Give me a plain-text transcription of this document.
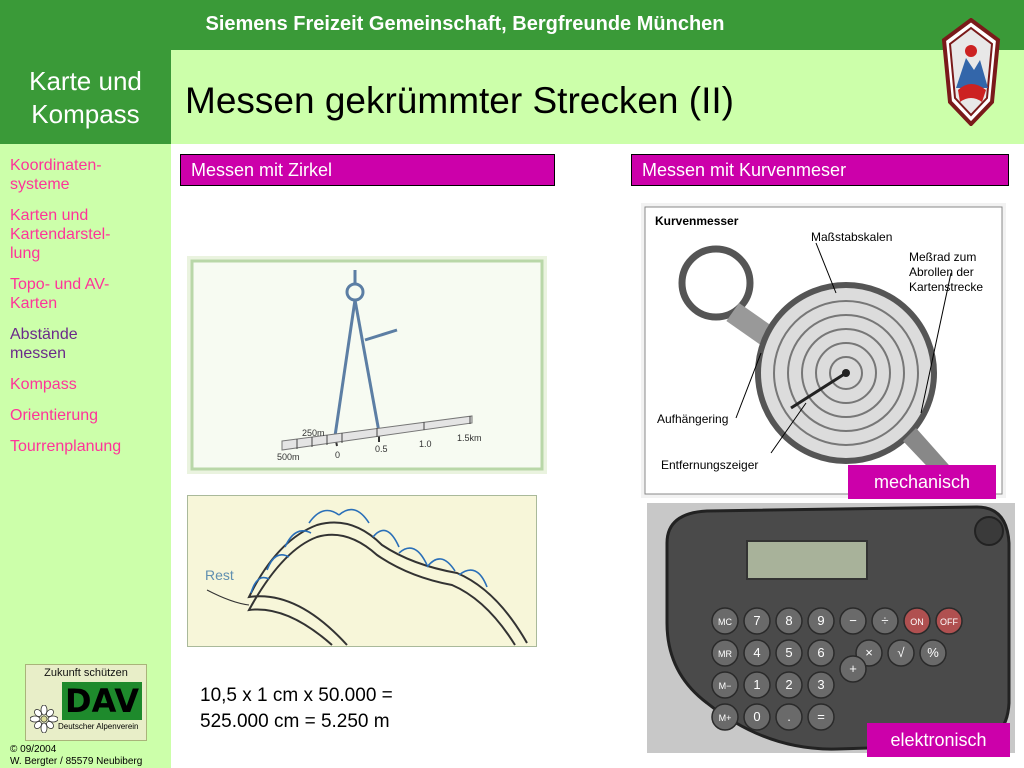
Siemens Freizeit Gemeinschaft, Bergfreunde München
Karte und Kompass	Messen gekrümmter Strecken (II)
Koordinaten-
systeme
Karten und
Kartendarstel-
lung
Topo- und AV-
Karten
Abstände
messen
Kompass
Orientierung
Tourrenplanung
Zukunft schützen
DAV
Deutscher Alpenverein
© 09/2004
W. Bergter / 85579 Neubiberg
Messen mit Zirkel	Messen mit Kurvenmeser
250m
500m	0
0.5	1.0
1.5km
Rest
Kurvenmesser
Maßstabskalen
Meßrad zum
Abrollen der
Kartenstrecke
Aufhängering
Entfernungszeiger
mechanisch
MC 7 8 9 − ÷ ON OFF
MR 4 5 6	× √ %
M− 1 2 3
+
M+ 0 . =
elektronisch
10,5 x 1 cm x 50.000 =
525.000 cm = 5.250 m
